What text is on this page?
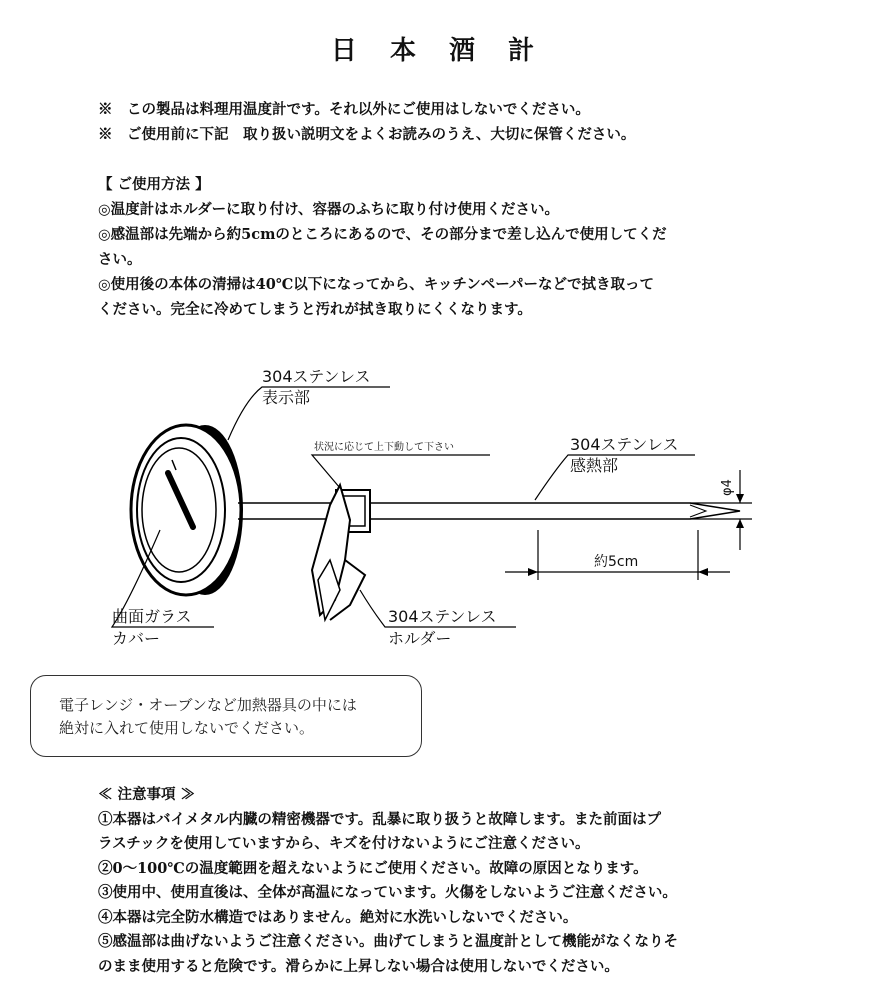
日 本 酒 計
※　この製品は料理用温度計です。それ以外にご使用はしないでください。
※　ご使用前に下記　取り扱い説明文をよくお読みのうえ、大切に保管ください。
【 ご使用方法 】
◎温度計はホルダーに取り付け、容器のふちに取り付け使用ください。
◎感温部は先端から約5cmのところにあるので、その部分まで差し込んで使用してくだ
さい。
◎使用後の本体の清掃は40℃以下になってから、キッチンペーパーなどで拭き取って
ください。完全に冷めてしまうと汚れが拭き取りにくくなります。
304ステンレス
表示部
状況に応じて上下動して下さい	304ステンレス
感熱部
φ4
約5cm
曲面ガラス
カバー
304ステンレス
ホルダー
電子レンジ・オーブンなど加熱器具の中には
絶対に入れて使用しないでください。
≪ 注意事項 ≫
①本器はバイメタル内臓の精密機器です。乱暴に取り扱うと故障します。また前面はプ
ラスチックを使用していますから、キズを付けないようにご注意ください。
②0～100℃の温度範囲を超えないようにご使用ください。故障の原因となります。
③使用中、使用直後は、全体が高温になっています。火傷をしないようご注意ください。
④本器は完全防水構造ではありません。絶対に水洗いしないでください。
⑤感温部は曲げないようご注意ください。曲げてしまうと温度計として機能がなくなりそ
のまま使用すると危険です。滑らかに上昇しない場合は使用しないでください。
